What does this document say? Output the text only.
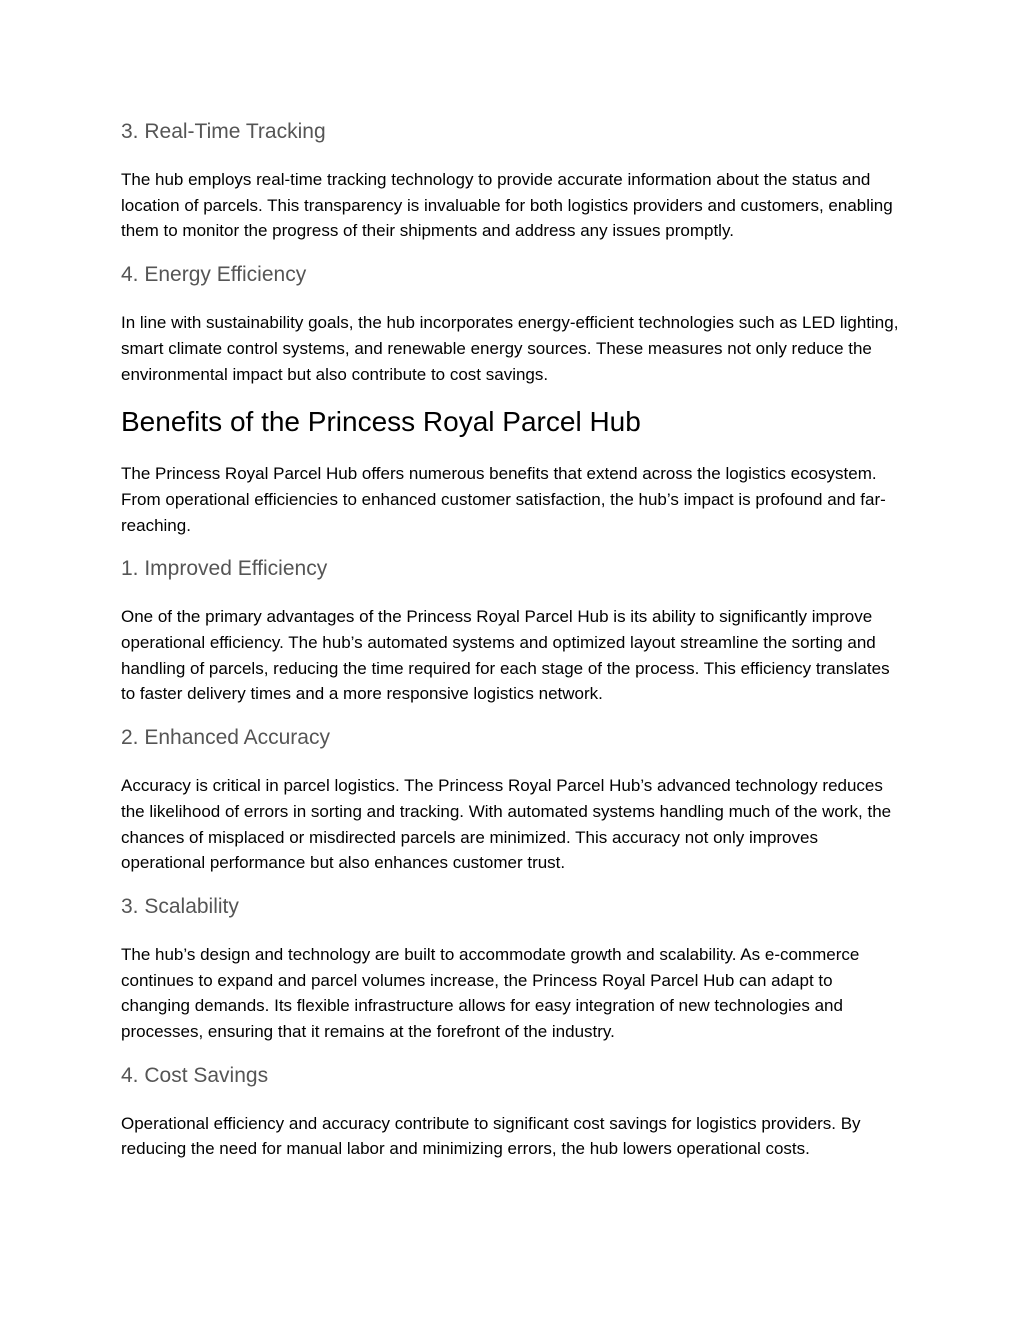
3. Real-Time Tracking

The hub employs real-time tracking technology to provide accurate information about the status and location of parcels. This transparency is invaluable for both logistics providers and customers, enabling them to monitor the progress of their shipments and address any issues promptly.

4. Energy Efficiency

In line with sustainability goals, the hub incorporates energy-efficient technologies such as LED lighting, smart climate control systems, and renewable energy sources. These measures not only reduce the environmental impact but also contribute to cost savings.

Benefits of the Princess Royal Parcel Hub

The Princess Royal Parcel Hub offers numerous benefits that extend across the logistics ecosystem. From operational efficiencies to enhanced customer satisfaction, the hub’s impact is profound and far-reaching.

1. Improved Efficiency

One of the primary advantages of the Princess Royal Parcel Hub is its ability to significantly improve operational efficiency. The hub’s automated systems and optimized layout streamline the sorting and handling of parcels, reducing the time required for each stage of the process. This efficiency translates to faster delivery times and a more responsive logistics network.

2. Enhanced Accuracy

Accuracy is critical in parcel logistics. The Princess Royal Parcel Hub’s advanced technology reduces the likelihood of errors in sorting and tracking. With automated systems handling much of the work, the chances of misplaced or misdirected parcels are minimized. This accuracy not only improves operational performance but also enhances customer trust.

3. Scalability

The hub’s design and technology are built to accommodate growth and scalability. As e-commerce continues to expand and parcel volumes increase, the Princess Royal Parcel Hub can adapt to changing demands. Its flexible infrastructure allows for easy integration of new technologies and processes, ensuring that it remains at the forefront of the industry.

4. Cost Savings

Operational efficiency and accuracy contribute to significant cost savings for logistics providers. By reducing the need for manual labor and minimizing errors, the hub lowers operational costs.
